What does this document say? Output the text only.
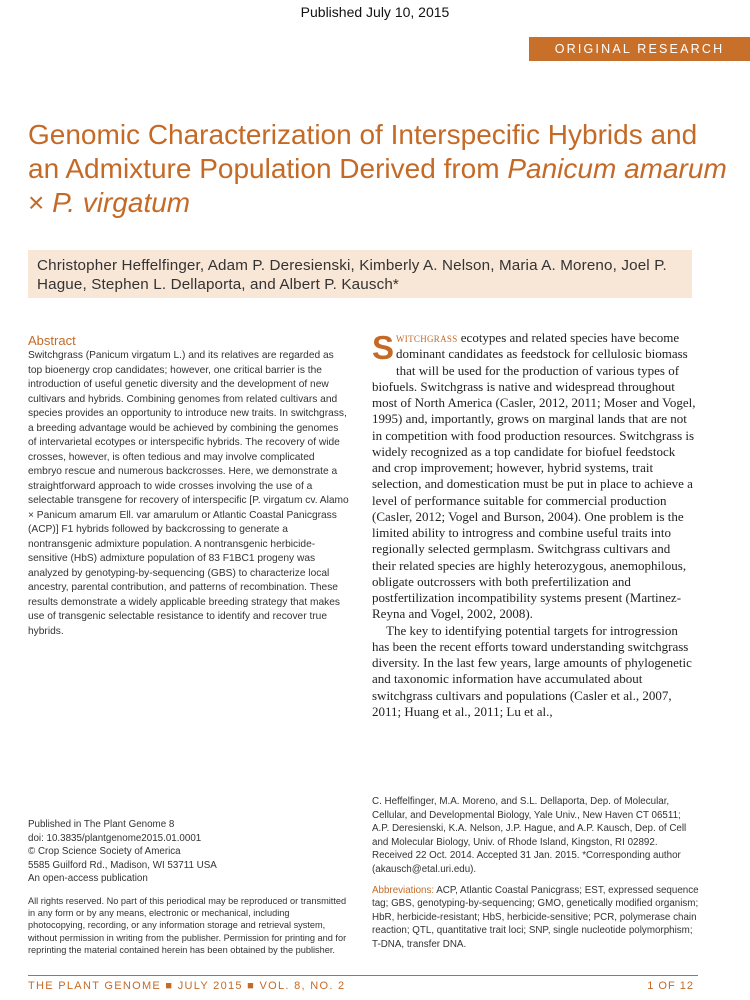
Published July 10, 2015
ORIGINAL RESEARCH
Genomic Characterization of Interspecific Hybrids and an Admixture Population Derived from Panicum amarum × P. virgatum
Christopher Heffelfinger, Adam P. Deresienski, Kimberly A. Nelson, Maria A. Moreno, Joel P. Hague, Stephen L. Dellaporta, and Albert P. Kausch*
Abstract

Switchgrass (Panicum virgatum L.) and its relatives are regarded as top bioenergy crop candidates; however, one critical barrier is the introduction of useful genetic diversity and the development of new cultivars and hybrids. Combining genomes from related cultivars and species provides an opportunity to introduce new traits. In switchgrass, a breeding advantage would be achieved by combining the genomes of intervarietal ecotypes or interspecific hybrids. The recovery of wide crosses, however, is often tedious and may involve complicated embryo rescue and numerous backcrosses. Here, we demonstrate a straightforward approach to wide crosses involving the use of a selectable transgene for recovery of interspecific [P. virgatum cv. Alamo × Panicum amarum Ell. var amarulum or Atlantic Coastal Panicgrass (ACP)] F1 hybrids followed by backcrossing to generate a nontransgenic admixture population. A nontransgenic herbicide-sensitive (HbS) admixture population of 83 F1BC1 progeny was analyzed by genotyping-by-sequencing (GBS) to characterize local ancestry, parental contribution, and patterns of recombination. These results demonstrate a widely applicable breeding strategy that makes use of transgenic selectable resistance to identify and recover true hybrids.

Switchgrass ecotypes and related species have become dominant candidates as feedstock for cellulosic biomass that will be used for the production of various types of biofuels. Switchgrass is native and widespread throughout most of North America (Casler, 2012, 2011; Moser and Vogel, 1995) and, importantly, grows on marginal lands that are not in competition with food production resources. Switchgrass is widely recognized as a top candidate for biofuel feedstock and crop improvement; however, hybrid systems, trait selection, and domestication must be put in place to achieve a level of performance suitable for commercial production (Casler, 2012; Vogel and Burson, 2004). One problem is the limited ability to introgress and combine useful traits into regionally selected germplasm. Switchgrass cultivars and their related species are highly heterozygous, anemophilous, obligate outcrossers with both prefertilization and postfertilization incompatibility systems present (Martinez-Reyna and Vogel, 2002, 2008).

The key to identifying potential targets for introgression has been the recent efforts toward understanding switchgrass diversity. In the last few years, large amounts of phylogenetic and taxonomic information have accumulated about switchgrass cultivars and populations (Casler et al., 2007, 2011; Huang et al., 2011; Lu et al.,

Published in The Plant Genome 8
doi: 10.3835/plantgenome2015.01.0001
© Crop Science Society of America
5585 Guilford Rd., Madison, WI 53711 USA
An open-access publication
All rights reserved. No part of this periodical may be reproduced or transmitted in any form or by any means, electronic or mechanical, including photocopying, recording, or any information storage and retrieval system, without permission in writing from the publisher. Permission for printing and for reprinting the material contained herein has been obtained by the publisher.
C. Heffelfinger, M.A. Moreno, and S.L. Dellaporta, Dep. of Molecular, Cellular, and Developmental Biology, Yale Univ., New Haven CT 06511; A.P. Deresienski, K.A. Nelson, J.P. Hague, and A.P. Kausch, Dep. of Cell and Molecular Biology, Univ. of Rhode Island, Kingston, RI 02892. Received 22 Oct. 2014. Accepted 31 Jan. 2015. *Corresponding author (akausch@etal.uri.edu).
Abbreviations: ACP, Atlantic Coastal Panicgrass; EST, expressed sequence tag; GBS, genotyping-by-sequencing; GMO, genetically modified organism; HbR, herbicide-resistant; HbS, herbicide-sensitive; PCR, polymerase chain reaction; QTL, quantitative trait loci; SNP, single nucleotide polymorphism; T-DNA, transfer DNA.
THE PLANT GENOME ■ JULY 2015 ■ VOL. 8, NO. 2	1 OF 12
